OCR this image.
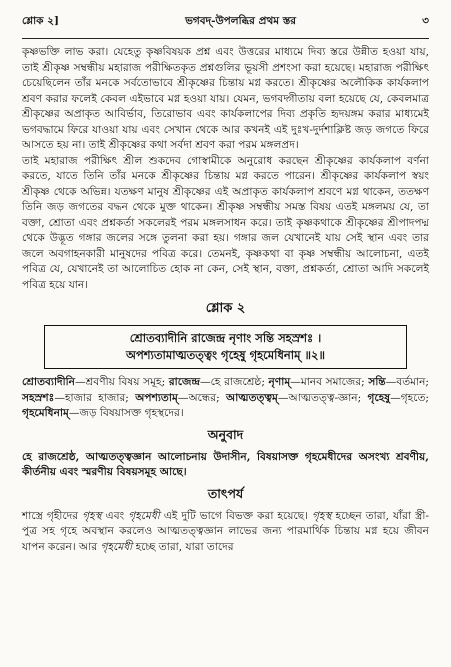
শ্লোক ২]	ভগবদ্‌-উপলব্ধির প্রথম স্তর	৩

কৃষ্ণভক্তি লাভ করা। যেহেতু কৃষ্ণবিষয়ক প্রশ্ন এবং উত্তরের মাধ্যমে দিব্য স্তরে উন্নীত হওয়া যায়, তাই শ্রীকৃষ্ণ সম্বন্ধীয় মহারাজ পরীক্ষিতকৃত প্রশ্নগুলির ভূয়সী প্রশংসা করা হয়েছে। মহারাজ পরীক্ষিৎ চেয়েছিলেন তাঁর মনকে সর্বতোভাবে শ্রীকৃষ্ণের চিন্তায় মগ্ন করতে। শ্রীকৃষ্ণের অলৌকিক কার্যকলাপ শ্রবণ করার ফলেই কেবল এইভাবে মগ্ন হওয়া যায়। যেমন, ভগবদ্গীতায় বলা হয়েছে যে, কেবলমাত্র শ্রীকৃষ্ণের অপ্রাকৃত আবির্ভাব, তিরোভাব এবং কার্যকলাপের দিব্য প্রকৃতি হৃদয়ঙ্গম করার মাধ্যমেই ভগবদ্ধামে ফিরে যাওয়া যায় এবং সেখান থেকে আর কখনই এই দুঃখ-দুর্দশাক্লিষ্ট জড় জগতে ফিরে আসতে হয় না। তাই শ্রীকৃষ্ণের কথা সর্বদা শ্রবণ করা পরম মঙ্গলপ্রদ।

তাই মহারাজ পরীক্ষিৎ শ্রীল শুকদেব গোস্বামীকে অনুরোধ করছেন শ্রীকৃষ্ণের কার্যকলাপ বর্ণনা করতে, যাতে তিনি তাঁর মনকে শ্রীকৃষ্ণের চিন্তায় মগ্ন করতে পারেন। শ্রীকৃষ্ণের কার্যকলাপ স্বয়ং শ্রীকৃষ্ণ থেকে অভিন্ন। যতক্ষণ মানুষ শ্রীকৃষ্ণের এই অপ্রাকৃত কার্যকলাপ শ্রবণে মগ্ন থাকেন, ততক্ষণ তিনি জড় জগতের বদ্ধন থেকে মুক্ত থাকেন। শ্রীকৃষ্ণ সম্বন্ধীয় সমস্ত বিষয় এতই মঙ্গলময় যে, তা বক্তা, শ্রোতা এবং প্রশ্নকর্তা সকলেরই পরম মঙ্গলসাধন করে। তাই কৃষ্ণকথাকে শ্রীকৃষ্ণের শ্রীপাদপদ্ম থেকে উদ্ভূত গঙ্গার জলের সঙ্গে তুলনা করা হয়। গঙ্গার জল যেখানেই যায় সেই স্থান এবং তার জলে অবগাহনকারী মানুষদের পবিত্র করে। তেমনই, কৃষ্ণকথা বা কৃষ্ণ সম্বন্ধীয় আলোচনা, এতই পবিত্র যে, যেখানেই তা আলোচিত হোক না কেন, সেই স্থান, বক্তা, প্রশ্নকর্তা, শ্রোতা আদি সকলেই পবিত্র হয়ে যান।

শ্লোক ২
শ্রোতব্যাদীনি রাজেন্দ্র নৃণাং সন্তি সহস্রশঃ ।
অপশ্যতামাত্মতত্ত্বং গৃহেষু গৃহমেধিনাম্‌ ॥২॥
শ্রোতব্যাদীনি—শ্রবণীয় বিষয় সমূহ; রাজেন্দ্র—হে রাজশ্রেষ্ঠ; নৃণাম্‌—মানব সমাজের; সন্তি—বর্তমান; সহস্রশঃ—হাজার হাজার; অপশ্যতাম্‌—অন্ধের; আত্মতত্ত্বম্‌—আত্মতত্ত্ব-জ্ঞান; গৃহেষু—গৃহতে; গৃহমেধিনাম্‌—জড় বিষয়াসক্ত গৃহস্থদের।
অনুবাদ

হে রাজশ্রেষ্ঠ, আত্মতত্ত্বজ্ঞান আলোচনায় উদাসীন, বিষয়াসক্ত গৃহমেধীদের অসংখ্য শ্রবণীয়, কীর্তনীয় এবং স্মরণীয় বিষয়সমূহ আছে।

তাৎপর্য

শাস্ত্রে গৃহীদের গৃহস্থ এবং গৃহমেধী এই দুটি ভাগে বিভক্ত করা হয়েছে। গৃহস্থ হচ্ছেন তারা, যাঁরা স্ত্রী-পুত্র সহ গৃহে অবস্থান করলেও আত্মতত্ত্বজ্ঞান লাভের জন্য পারমার্থিক চিন্তায় মগ্ন হয়ে জীবন যাপন করেন। আর গৃহমেধী হচ্ছে তারা, যারা তাদের
